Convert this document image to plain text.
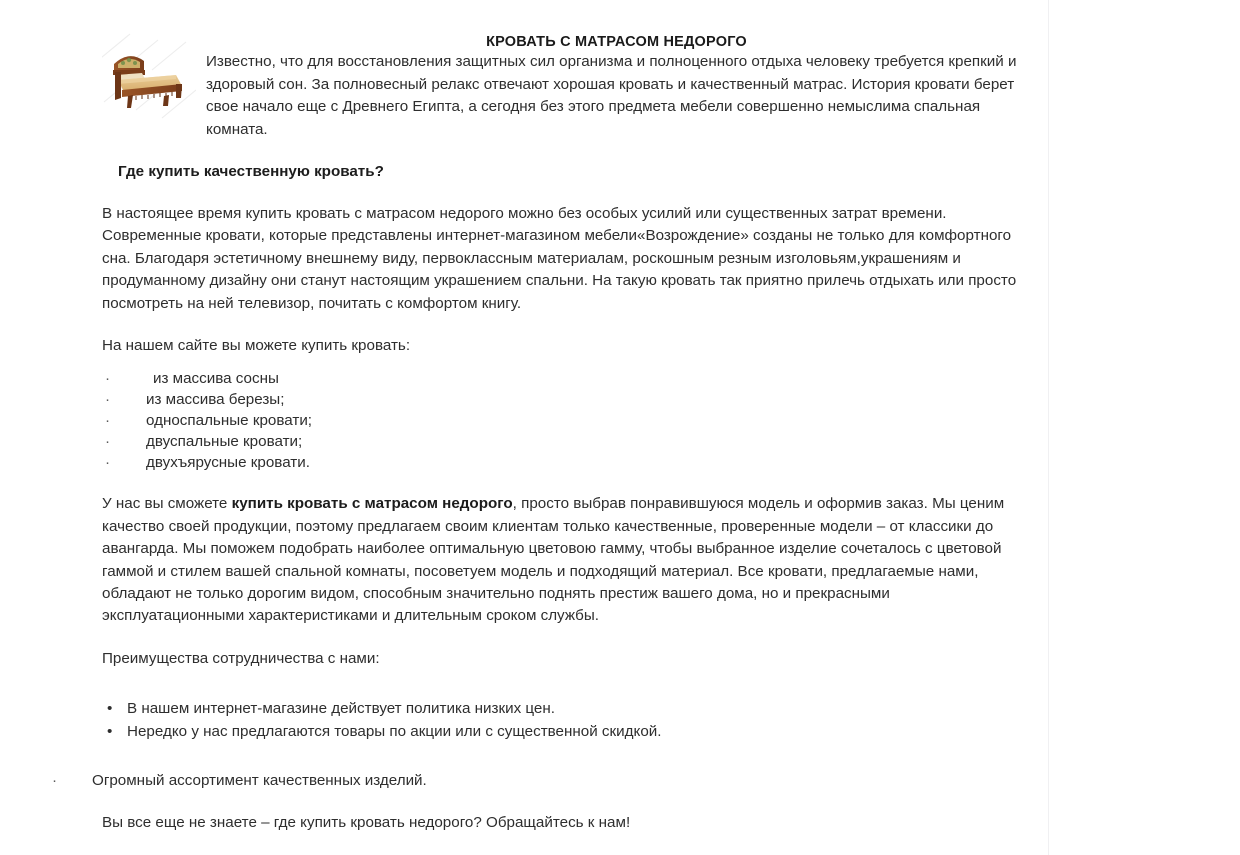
КРОВАТЬ С МАТРАСОМ НЕДОРОГО

Известно, что для восстановления защитных сил организма и полноценного отдыха человеку требуется крепкий и здоровый сон. За полновесный релакс отвечают хорошая кровать и качественный матрас. История кровати берет свое начало еще с Древнего Египта, а сегодня без этого предмета мебели совершенно немыслима спальная комната.

Где купить качественную кровать?

В настоящее время купить кровать с матрасом недорого можно без особых усилий или существенных затрат времени. Современные кровати, которые представлены интернет-магазином мебели«Возрождение» созданы не только для комфортного сна. Благодаря эстетичному внешнему виду, первоклассным материалам, роскошным резным изголовьям,украшениям и продуманному дизайну они станут настоящим украшением спальни. На такую кровать так приятно прилечь отдыхать или просто посмотреть на ней телевизор, почитать с комфортом книгу.

На нашем сайте вы можете купить кровать:

·	из массива сосны
· из массива березы;
· односпальные кровати;
· двуспальные кровати;
· двухъярусные кровати.

У нас вы сможете купить кровать с матрасом недорого, просто выбрав понравившуюся модель и оформив заказ. Мы ценим качество своей продукции, поэтому предлагаем своим клиентам только качественные, проверенные модели – от классики до авангарда. Мы поможем подобрать наиболее оптимальную цветовою гамму, чтобы выбранное изделие сочеталось с цветовой гаммой и стилем вашей спальной комнаты, посоветуем модель и подходящий материал. Все кровати, предлагаемые нами, обладают не только дорогим видом, способным значительно поднять престиж вашего дома, но и прекрасными эксплуатационными характеристиками и длительным сроком службы.

Преимущества сотрудничества с нами:

• В нашем интернет-магазине действует политика низких цен.
• Нередко у нас предлагаются товары по акции или с существенной скидкой.
· Огромный ассортимент качественных изделий.

Вы все еще не знаете – где купить кровать недорого? Обращайтесь к нам!
